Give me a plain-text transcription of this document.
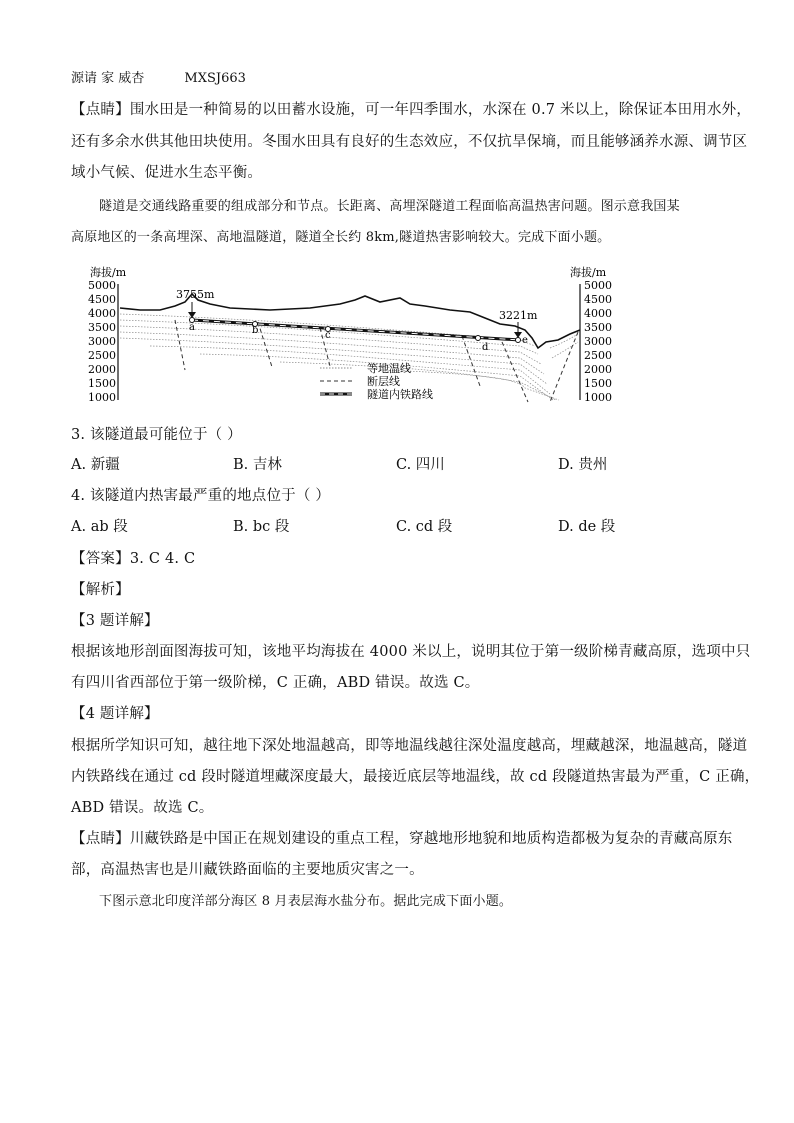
源请 家 威杏	MXSJ663
【点睛】围水田是一种简易的以田蓄水设施，可一年四季围水，水深在 0.7 米以上，除保证本田用水外，
还有多余水供其他田块使用。冬围水田具有良好的生态效应，不仅抗旱保墒，而且能够涵养水源、调节区
域小气候、促进水生态平衡。
隧道是交通线路重要的组成部分和节点。长距离、高埋深隧道工程面临高温热害问题。图示意我国某
高原地区的一条高埋深、高地温隧道，隧道全长约 8km,隧道热害影响较大。完成下面小题。
海拔/m	海拔/m
5000
4500
4000
3500
3000
2500
2000
1500
1000
5000
4500
4000
3500
3000
2500
2000
1500
1000
a	b	c
d
e
3755m
3221m
等地温线
断层线
隧道内铁路线
3. 该隧道最可能位于（ ）
A. 新疆	B. 吉林	C. 四川	D. 贵州
4. 该隧道内热害最严重的地点位于（ ）
A. ab 段	B. bc 段	C. cd 段	D. de 段
【答案】3. C 4. C
【解析】
【3 题详解】
根据该地形剖面图海拔可知，该地平均海拔在 4000 米以上，说明其位于第一级阶梯青藏高原，选项中只
有四川省西部位于第一级阶梯，C 正确，ABD 错误。故选 C。
【4 题详解】
根据所学知识可知，越往地下深处地温越高，即等地温线越往深处温度越高，埋藏越深，地温越高，隧道
内铁路线在通过 cd 段时隧道埋藏深度最大，最接近底层等地温线，故 cd 段隧道热害最为严重，C 正确，
ABD 错误。故选 C。
【点睛】川藏铁路是中国正在规划建设的重点工程，穿越地形地貌和地质构造都极为复杂的青藏高原东
部，高温热害也是川藏铁路面临的主要地质灾害之一。
下图示意北印度洋部分海区 8 月表层海水盐分布。据此完成下面小题。
